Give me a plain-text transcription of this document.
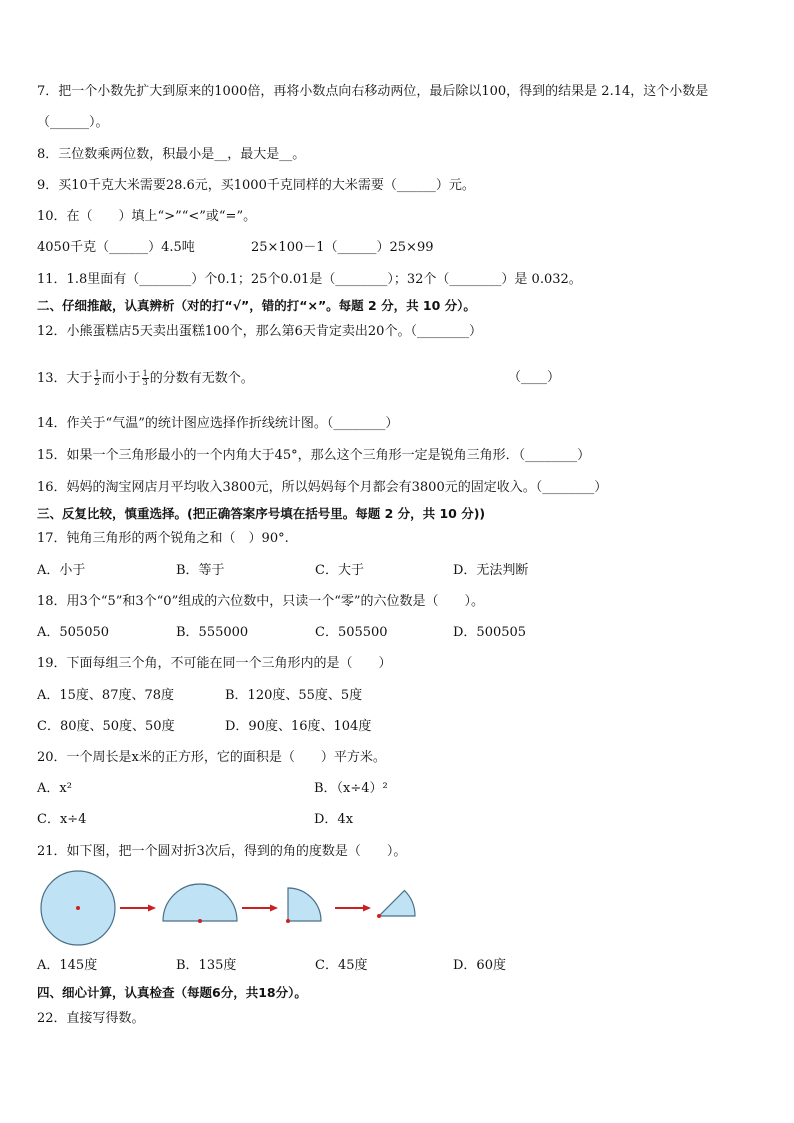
7．把一个小数先扩大到原来的1000倍，再将小数点向右移动两位，最后除以100，得到的结果是 2.14，这个小数是
（______）。
8．三位数乘两位数，积最小是__，最大是__。
9．买10千克大米需要28.6元，买1000千克同样的大米需要（______）元。
10．在（　　）填上“>”“<”或“=”。
4050千克（______）4.5吨	25×100－1（______）25×99
11．1.8里面有（________）个0.1；25个0.01是（________）；32个（________）是 0.032。
二、仔细推敲，认真辨析（对的打“√”，错的打“×”。每题 2 分，共 10 分）。
12．小熊蛋糕店5天卖出蛋糕100个，那么第6天肯定卖出20个。（________）
13．大于 $\frac{1}{2}$ 而小于 $\frac{1}{3}$ 的分数有无数个。	（____）
14．作关于“气温”的统计图应选择作折线统计图。（________）
15．如果一个三角形最小的一个内角大于45°，那么这个三角形一定是锐角三角形．（________）
16．妈妈的淘宝网店月平均收入3800元，所以妈妈每个月都会有3800元的固定收入。（________）
三、反复比较，慎重选择。(把正确答案序号填在括号里。每题 2 分，共 10 分))
17．钝角三角形的两个锐角之和（　）90°.
A．小于	B．等于	C．大于	D．无法判断
18．用3个“5”和3个“0”组成的六位数中，只读一个“零”的六位数是（　　）。
A．505050	B．555000	C．505500	D．500505
19．下面每组三个角，不可能在同一个三角形内的是（　　）
A．15度、87度、78度	B．120度、55度、5度
C．80度、50度、50度	D．90度、16度、104度
20．一个周长是x米的正方形，它的面积是（　　）平方米。
A．x²	B．（x÷4）²
C．x÷4	D．4x
21．如下图，把一个圆对折3次后，得到的角的度数是（　　）。
A．145度	B．135度	C．45度	D．60度
四、细心计算，认真检查（每题6分，共18分）。
22．直接写得数。
